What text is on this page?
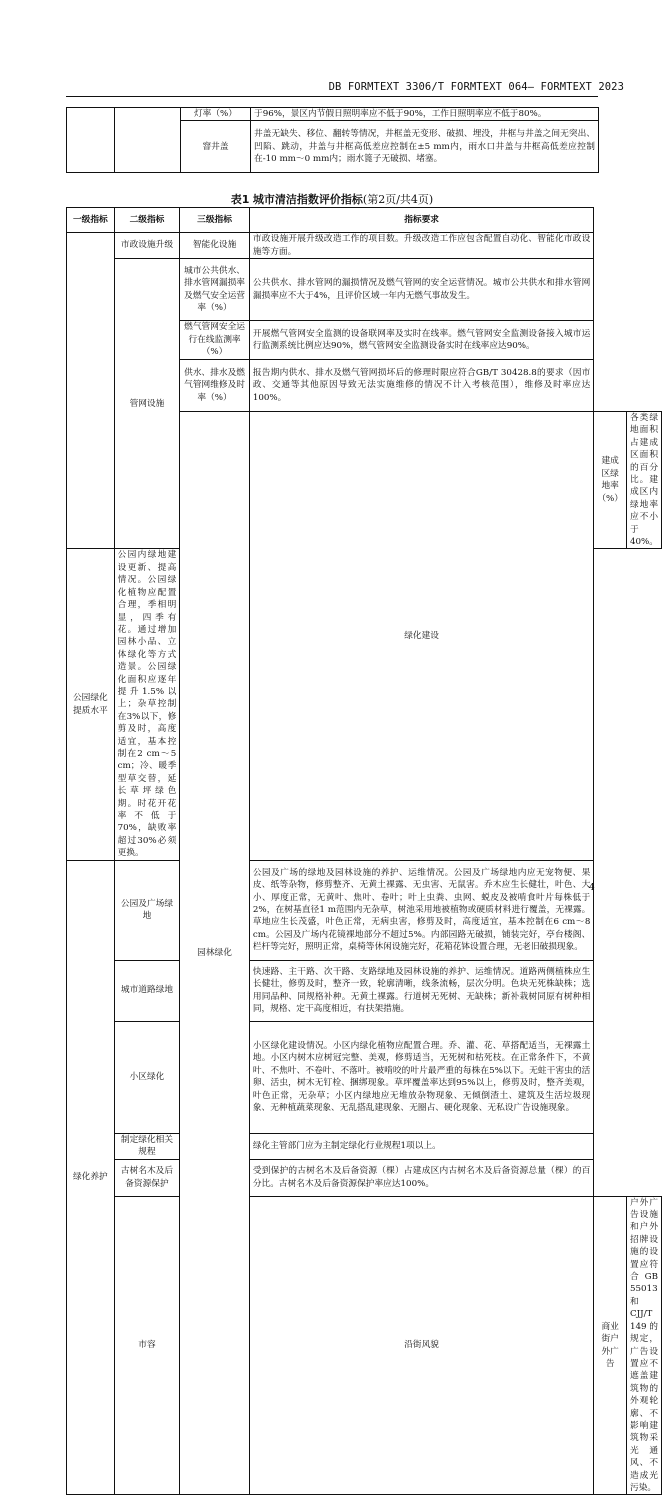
DB FORMTEXT 3306/T FORMTEXT 064— FORMTEXT 2023
		灯率（%）	于96%，景区内节假日照明率应不低于90%，工作日照明率应不低于80%。
		窨井盖	井盖无缺失、移位、翻转等情况，井框盖无变形、破损、埋没，井框与井盖之间无突出、凹陷、跳动，井盖与井框高低差应控制在±5 mm内，雨水口井盖与井框高低差应控制在-10 mm～0 mm内；雨水篦子无破损、堵塞。
表1 城市清洁指数评价指标(第2页/共4页)
一级指标	二级指标	三级指标	指标要求		
	市政设施升级	智能化设施	市政设施开展升级改造工作的项目数。升级改造工作应包含配置自动化、智能化市政设施等方面。		
	管网设施	城市公共供水、排水管网漏损率及燃气安全运营率（%）	公共供水、排水管网的漏损情况及燃气管网的安全运营情况。城市公共供水和排水管网漏损率应不大于4%，且评价区域一年内无燃气事故发生。		
		燃气管网安全运行在线监测率（%）	开展燃气管网安全监测的设备联网率及实时在线率。燃气管网安全监测设备接入城市运行监测系统比例应达90%，燃气管网安全监测设备实时在线率应达90%。		
		供水、排水及燃气管网维修及时率（%）	报告期内供水、排水及燃气管网损坏后的修理时限应符合GB/T 30428.8的要求（因市政、交通等其他原因导致无法实施维修的情况不计入考核范围），维修及时率应达100%。		
		园林绿化	绿化建设	建成区绿地率（%）	各类绿地面积占建成区面积的百分比。建成区内绿地率应不小于40%。
公园绿化提质水平	公园内绿地建设更新、提高情况。公园绿化植物应配置合理，季相明显，四季有花。通过增加园林小品、立体绿化等方式造景。公园绿化面积应逐年提升1.5%以上；杂草控制在3%以下，修剪及时，高度适宜，基本控制在2 cm～5 cm；冷、暖季型草交替，延长草坪绿色期。时花开花率不低于70%，缺败率超过30%必须更换。				
绿化养护	公园及广场绿地		公园及广场的绿地及园林设施的养护、运维情况。公园及广场绿地内应无宠物便、果皮、纸等杂物，修剪整齐、无黄土裸露、无虫害、无鼠害。乔木应生长健壮，叶色、大小、厚度正常，无黄叶、焦叶、卷叶；叶上虫粪、虫网、蜕皮及被啃食叶片每株低于2%，在树基直径1 m范围内无杂草，树池采用地被植物或硬质材料进行覆盖，无裸露。草地应生长茂盛，叶色正常，无病虫害，修剪及时，高度适宜，基本控制在6 cm～8 cm。公园及广场内花镜裸地部分不超过5%。内部园路无破损，铺装完好，亭台楼阁、栏杆等完好，照明正常，桌椅等休闲设施完好，花箱花钵设置合理，无老旧破损现象。		
	城市道路绿地		快速路、主干路、次干路、支路绿地及园林设施的养护、运维情况。道路两侧植株应生长健壮，修剪及时，整齐一致，轮廓清晰，线条流畅，层次分明。色块无死株缺株；选用同品种、同规格补种。无黄土裸露。行道树无死树、无缺株；新补栽树同原有树种相同，规格、定干高度相近，有扶架措施。		
	小区绿化		小区绿化建设情况。小区内绿化植物应配置合理。乔、灌、花、草搭配适当，无裸露土地。小区内树木应树冠完整、美观，修剪适当，无死树和枯死枝。在正常条件下，不黄叶、不焦叶、不卷叶、不落叶。被啃咬的叶片最严重的每株在5%以下。无蛀干害虫的活卵、活虫，树木无钉栓、捆绑现象。草坪覆盖率达到95%以上，修剪及时，整齐美观，叶色正常，无杂草；小区内绿地应无堆放杂物现象、无倾倒渣土、建筑及生活垃圾现象、无种植蔬菜现象、无乱搭乱建现象、无圈占、硬化现象、无私设广告设施现象。		
	制定绿化相关规程		绿化主管部门应为主制定绿化行业规程1项以上。		
	古树名木及后备资源保护		受到保护的古树名木及后备资源（棵）占建成区内古树名木及后备资源总量（棵）的百分比。古树名木及后备资源保护率应达100%。		
	市容		沿街风貌	商业街户外广告	户外广告设施和户外招牌设施的设置应符合GB 55013和CJJ/T 149的规定，广告设置应不遮盖建筑物的外观轮廓、不影响建筑物采光通风、不造成光污染。
4
